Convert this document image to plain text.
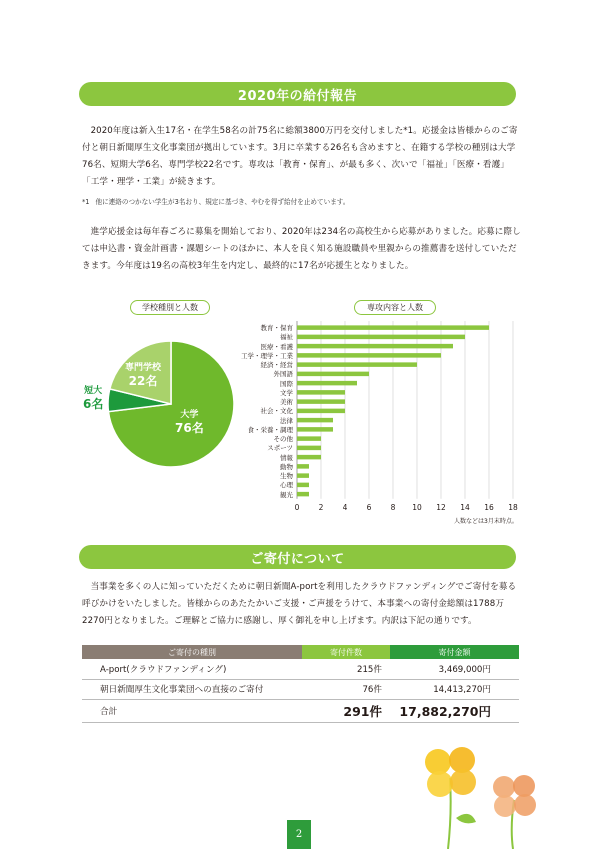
2020年の給付報告

2020年度は新入生17名・在学生58名の計75名に総額3800万円を交付しました*1。応援金は皆様からのご寄付と朝日新聞厚生文化事業団が拠出しています。3月に卒業する26名も含めますと、在籍する学校の種別は大学76名、短期大学6名、専門学校22名です。専攻は「教育・保育」、が最も多く、次いで「福祉」「医療・看護」「工学・理学・工業」が続きます。

*1 他に連絡のつかない学生が3名おり、規定に基づき、やむを得ず給付を止めています。

進学応援金は毎年春ごろに募集を開始しており、2020年は234名の高校生から応募がありました。応募に際しては申込書・資金計画書・課題シートのほかに、本人を良く知る施設職員や里親からの推薦書を送付していただきます。今年度は19名の高校3年生を内定し、最終的に17名が応援生となりました。

学校種別と人数	専攻内容と人数
大学
76名
短大
6名
専門学校
22名
教育・保育
福祉
医療・看護
工学・理学・工業
経済・経営
外国語
国際
文学
美術
社会・文化
法律
食・栄養・調理
その他
スポーツ
情報
動物
生物
心理
観光
0	2	4	6	8 10 12 14 16 18
人数などは3月末時点。
ご寄付について

当事業を多くの人に知っていただくために朝日新聞A-portを利用したクラウドファンディングでご寄付を募る呼びかけをいたしました。皆様からのあたたかいご支援・ご声援をうけて、本事業への寄付金総額は1788万2270円となりました。ご理解とご協力に感謝し、厚く御礼を申し上げます。内訳は下記の通りです。

ご寄付の種別	寄付件数	寄付金額
A-port(クラウドファンディング)	215件	3,469,000円
朝日新聞厚生文化事業団への直接のご寄付	76件	14,413,270円
合計	291件	17,882,270円
2
